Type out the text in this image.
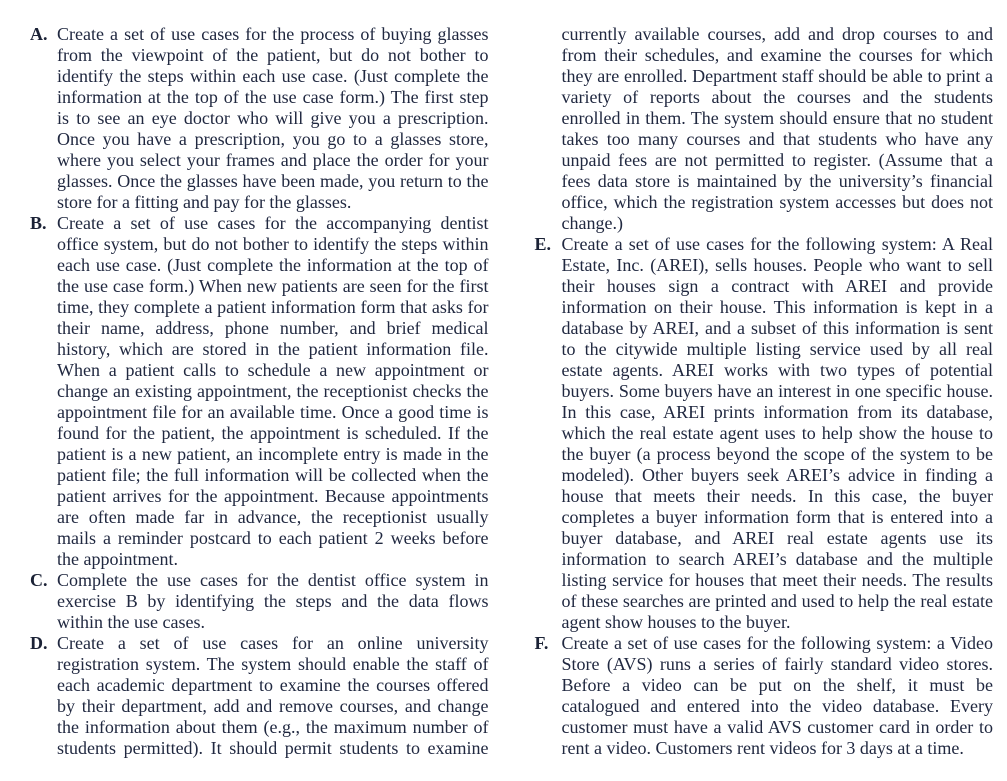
A. Create a set of use cases for the process of buying glasses from the viewpoint of the patient, but do not bother to identify the steps within each use case. (Just complete the information at the top of the use case form.) The first step is to see an eye doctor who will give you a prescription. Once you have a prescription, you go to a glasses store, where you select your frames and place the order for your glasses. Once the glasses have been made, you return to the store for a fitting and pay for the glasses.

B. Create a set of use cases for the accompanying dentist office system, but do not bother to identify the steps within each use case. (Just complete the information at the top of the use case form.) When new patients are seen for the first time, they complete a patient information form that asks for their name, address, phone number, and brief medical history, which are stored in the patient information file. When a patient calls to schedule a new appointment or change an existing appointment, the receptionist checks the appointment file for an available time. Once a good time is found for the patient, the appointment is scheduled. If the patient is a new patient, an incomplete entry is made in the patient file; the full information will be collected when the patient arrives for the appointment. Because appointments are often made far in advance, the receptionist usually mails a reminder postcard to each patient 2 weeks before the appointment.

C. Complete the use cases for the dentist office system in exercise B by identifying the steps and the data flows within the use cases.

D. Create a set of use cases for an online university registration system. The system should enable the staff of each academic department to examine the courses offered by their department, add and remove courses, and change the information about them (e.g., the maximum number of students permitted). It should permit students to examine currently available courses, add and drop courses to and from their schedules, and examine the courses for which they are enrolled. Department staff should be able to print a variety of reports about the courses and the students enrolled in them. The system should ensure that no student takes too many courses and that students who have any unpaid fees are not permitted to register. (Assume that a fees data store is maintained by the university’s financial office, which the registration system accesses but does not change.)

E. Create a set of use cases for the following system: A Real Estate, Inc. (AREI), sells houses. People who want to sell their houses sign a contract with AREI and provide information on their house. This information is kept in a database by AREI, and a subset of this information is sent to the citywide multiple listing service used by all real estate agents. AREI works with two types of potential buyers. Some buyers have an interest in one specific house. In this case, AREI prints information from its database, which the real estate agent uses to help show the house to the buyer (a process beyond the scope of the system to be modeled). Other buyers seek AREI’s advice in finding a house that meets their needs. In this case, the buyer completes a buyer information form that is entered into a buyer database, and AREI real estate agents use its information to search AREI’s database and the multiple listing service for houses that meet their needs. The results of these searches are printed and used to help the real estate agent show houses to the buyer.

F. Create a set of use cases for the following system: a Video Store (AVS) runs a series of fairly standard video stores. Before a video can be put on the shelf, it must be catalogued and entered into the video database. Every customer must have a valid AVS customer card in order to rent a video. Customers rent videos for 3 days at a time.
